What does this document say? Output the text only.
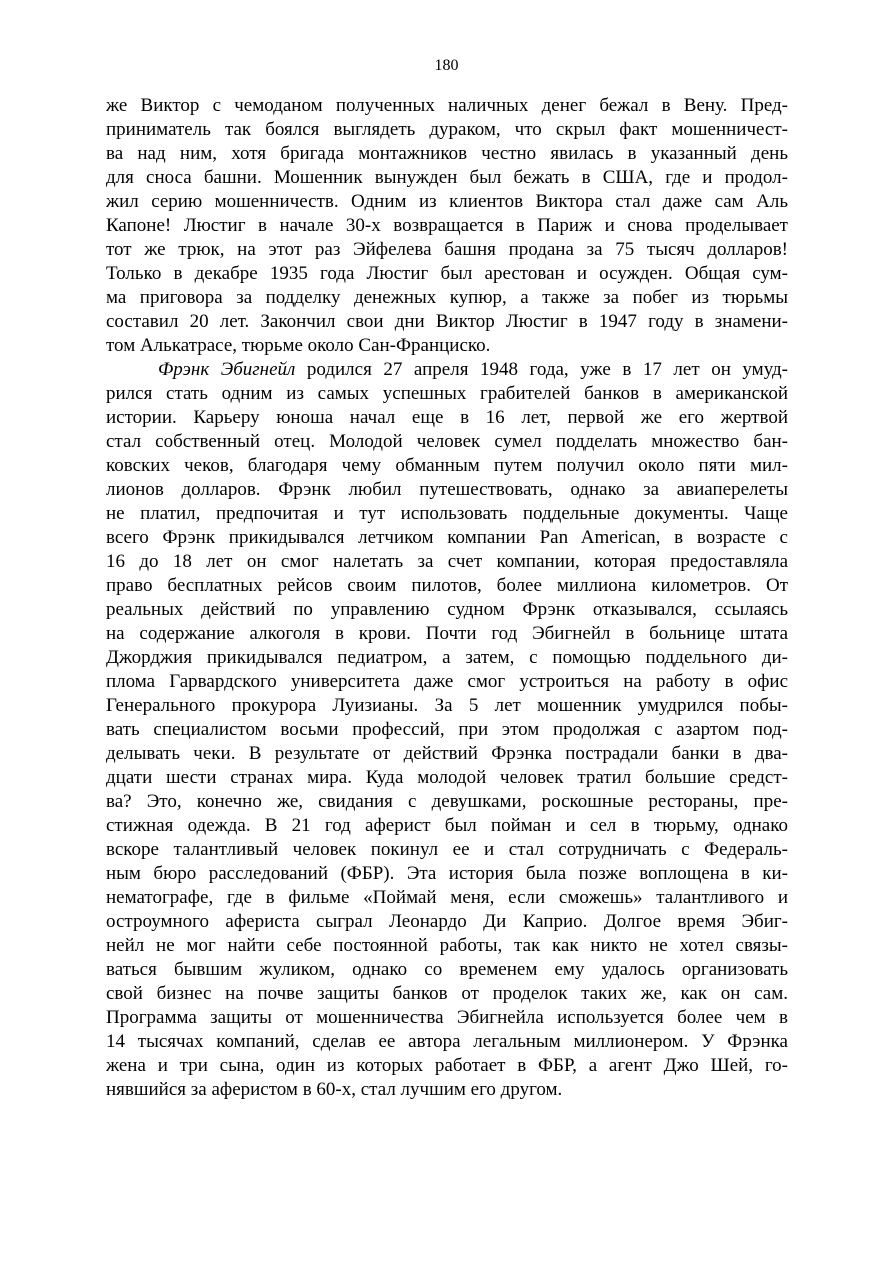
180
же Виктор с чемоданом полученных наличных денег бежал в Вену. Пред-
приниматель так боялся выглядеть дураком, что скрыл факт мошенничест-
ва над ним, хотя бригада монтажников честно явилась в указанный день
для сноса башни. Мошенник вынужден был бежать в США, где и продол-
жил серию мошенничеств. Одним из клиентов Виктора стал даже сам Аль
Капоне! Люстиг в начале 30-х возвращается в Париж и снова проделывает
тот же трюк, на этот раз Эйфелева башня продана за 75 тысяч долларов!
Только в декабре 1935 года Люстиг был арестован и осужден. Общая сум-
ма приговора за подделку денежных купюр, а также за побег из тюрьмы
составил 20 лет. Закончил свои дни Виктор Люстиг в 1947 году в знамени-
том Алькатрасе, тюрьме около Сан-Франциско.
Фрэнк Эбигнейл родился 27 апреля 1948 года, уже в 17 лет он умуд-
рился стать одним из самых успешных грабителей банков в американской
истории. Карьеру юноша начал еще в 16 лет, первой же его жертвой
стал собственный отец. Молодой человек сумел подделать множество бан-
ковских чеков, благодаря чему обманным путем получил около пяти мил-
лионов долларов. Фрэнк любил путешествовать, однако за авиаперелеты
не платил, предпочитая и тут использовать поддельные документы. Чаще
всего Фрэнк прикидывался летчиком компании Pan American, в возрасте с
16 до 18 лет он смог налетать за счет компании, которая предоставляла
право бесплатных рейсов своим пилотов, более миллиона километров. От
реальных действий по управлению судном Фрэнк отказывался, ссылаясь
на содержание алкоголя в крови. Почти год Эбигнейл в больнице штата
Джорджия прикидывался педиатром, а затем, с помощью поддельного ди-
плома Гарвардского университета даже смог устроиться на работу в офис
Генерального прокурора Луизианы. За 5 лет мошенник умудрился побы-
вать специалистом восьми профессий, при этом продолжая с азартом под-
делывать чеки. В результате от действий Фрэнка пострадали банки в два-
дцати шести странах мира. Куда молодой человек тратил большие средст-
ва? Это, конечно же, свидания с девушками, роскошные рестораны, пре-
стижная одежда. В 21 год аферист был пойман и сел в тюрьму, однако
вскоре талантливый человек покинул ее и стал сотрудничать с Федераль-
ным бюро расследований (ФБР). Эта история была позже воплощена в ки-
нематографе, где в фильме «Поймай меня, если сможешь» талантливого и
остроумного афериста сыграл Леонардо Ди Каприо. Долгое время Эбиг-
нейл не мог найти себе постоянной работы, так как никто не хотел связы-
ваться бывшим жуликом, однако со временем ему удалось организовать
свой бизнес на почве защиты банков от проделок таких же, как он сам.
Программа защиты от мошенничества Эбигнейла используется более чем в
14 тысячах компаний, сделав ее автора легальным миллионером. У Фрэнка
жена и три сына, один из которых работает в ФБР, а агент Джо Шей, го-
нявшийся за аферистом в 60-х, стал лучшим его другом.
